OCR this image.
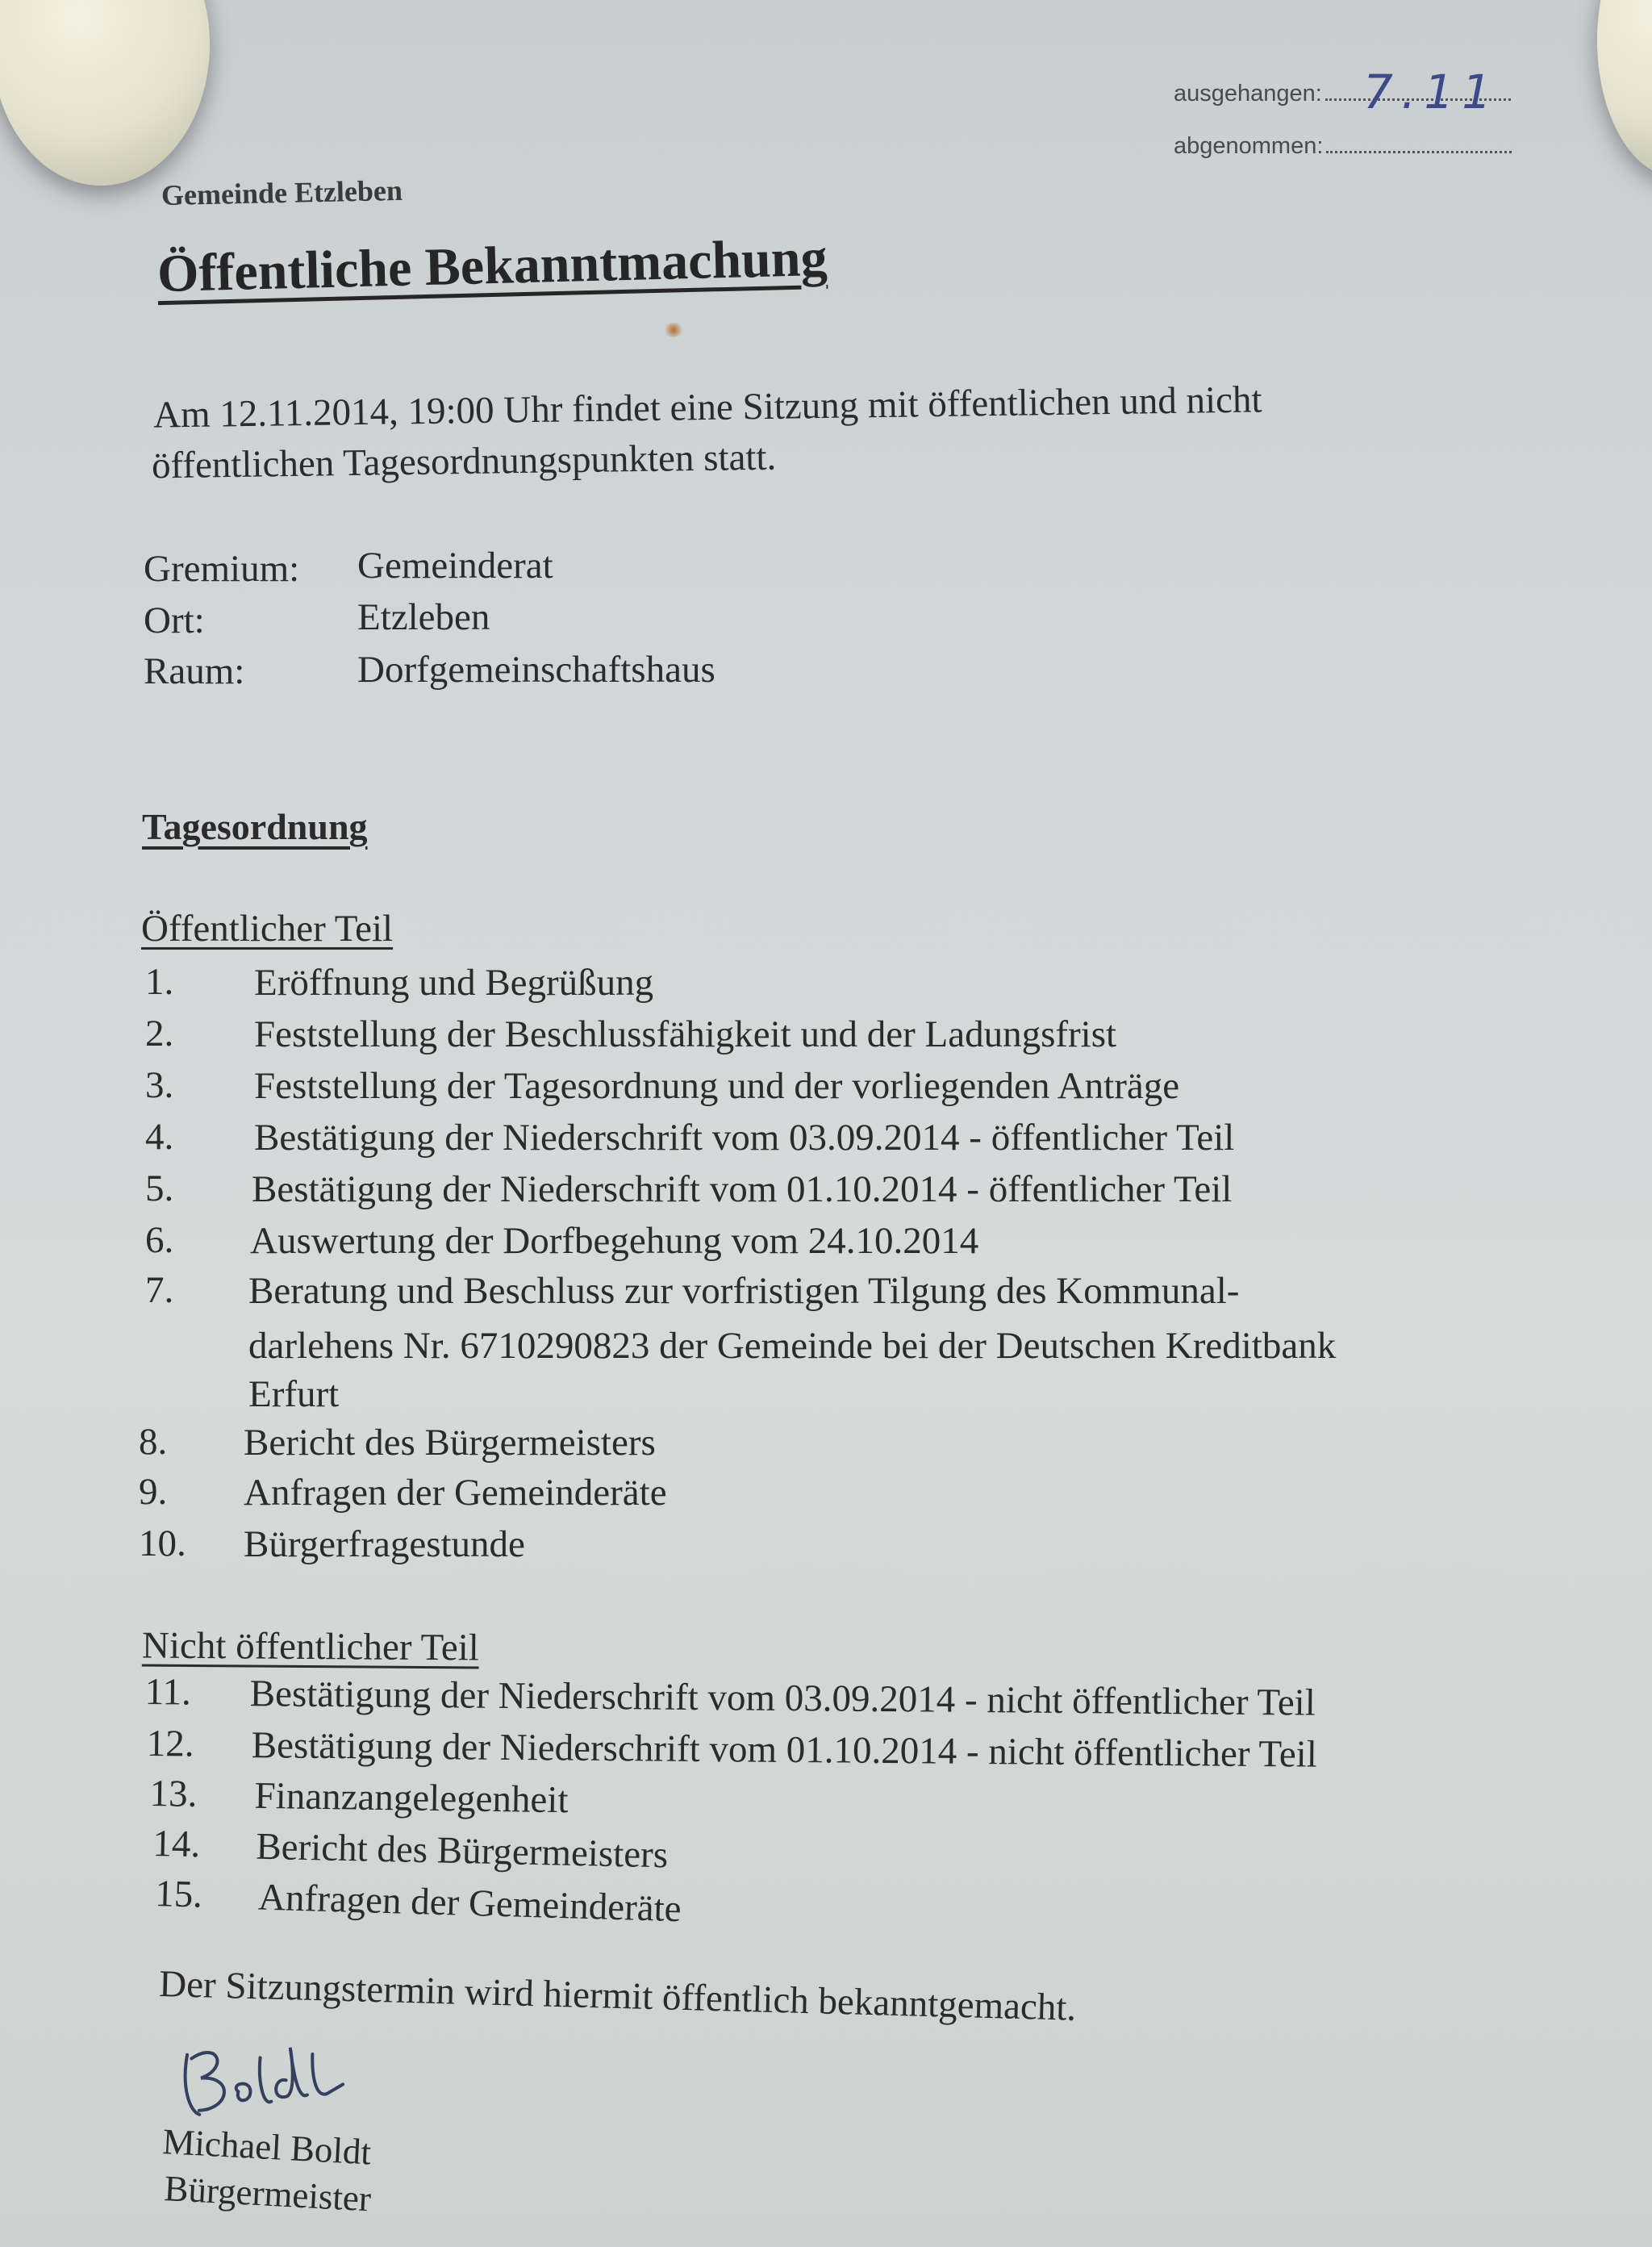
ausgehangen: 7.11
abgenommen:
Gemeinde Etzleben
Öffentliche Bekanntmachung
Am 12.11.2014, 19:00 Uhr findet eine Sitzung mit öffentlichen und nicht
öffentlichen Tagesordnungspunkten statt.
Gremium: Gemeinderat
Ort:	Etzleben
Raum:	Dorfgemeinschaftshaus
Tagesordnung
Öffentlicher Teil
1. Eröffnung und Begrüßung
2. Feststellung der Beschlussfähigkeit und der Ladungsfrist
3. Feststellung der Tagesordnung und der vorliegenden Anträge
4. Bestätigung der Niederschrift vom 03.09.2014 - öffentlicher Teil
5. Bestätigung der Niederschrift vom 01.10.2014 - öffentlicher Teil
6. Auswertung der Dorfbegehung vom 24.10.2014
7. Beratung und Beschluss zur vorfristigen Tilgung des Kommunal-
darlehens Nr. 6710290823 der Gemeinde bei der Deutschen Kreditbank
Erfurt
8. Bericht des Bürgermeisters
9. Anfragen der Gemeinderäte
10. Bürgerfragestunde
Nicht öffentlicher Teil
11. Bestätigung der Niederschrift vom 03.09.2014 - nicht öffentlicher Teil
12. Bestätigung der Niederschrift vom 01.10.2014 - nicht öffentlicher Teil
13. Finanzangelegenheit
14. Bericht des Bürgermeisters
15. Anfragen der Gemeinderäte
Der Sitzungstermin wird hiermit öffentlich bekanntgemacht.
Michael Boldt
Bürgermeister
